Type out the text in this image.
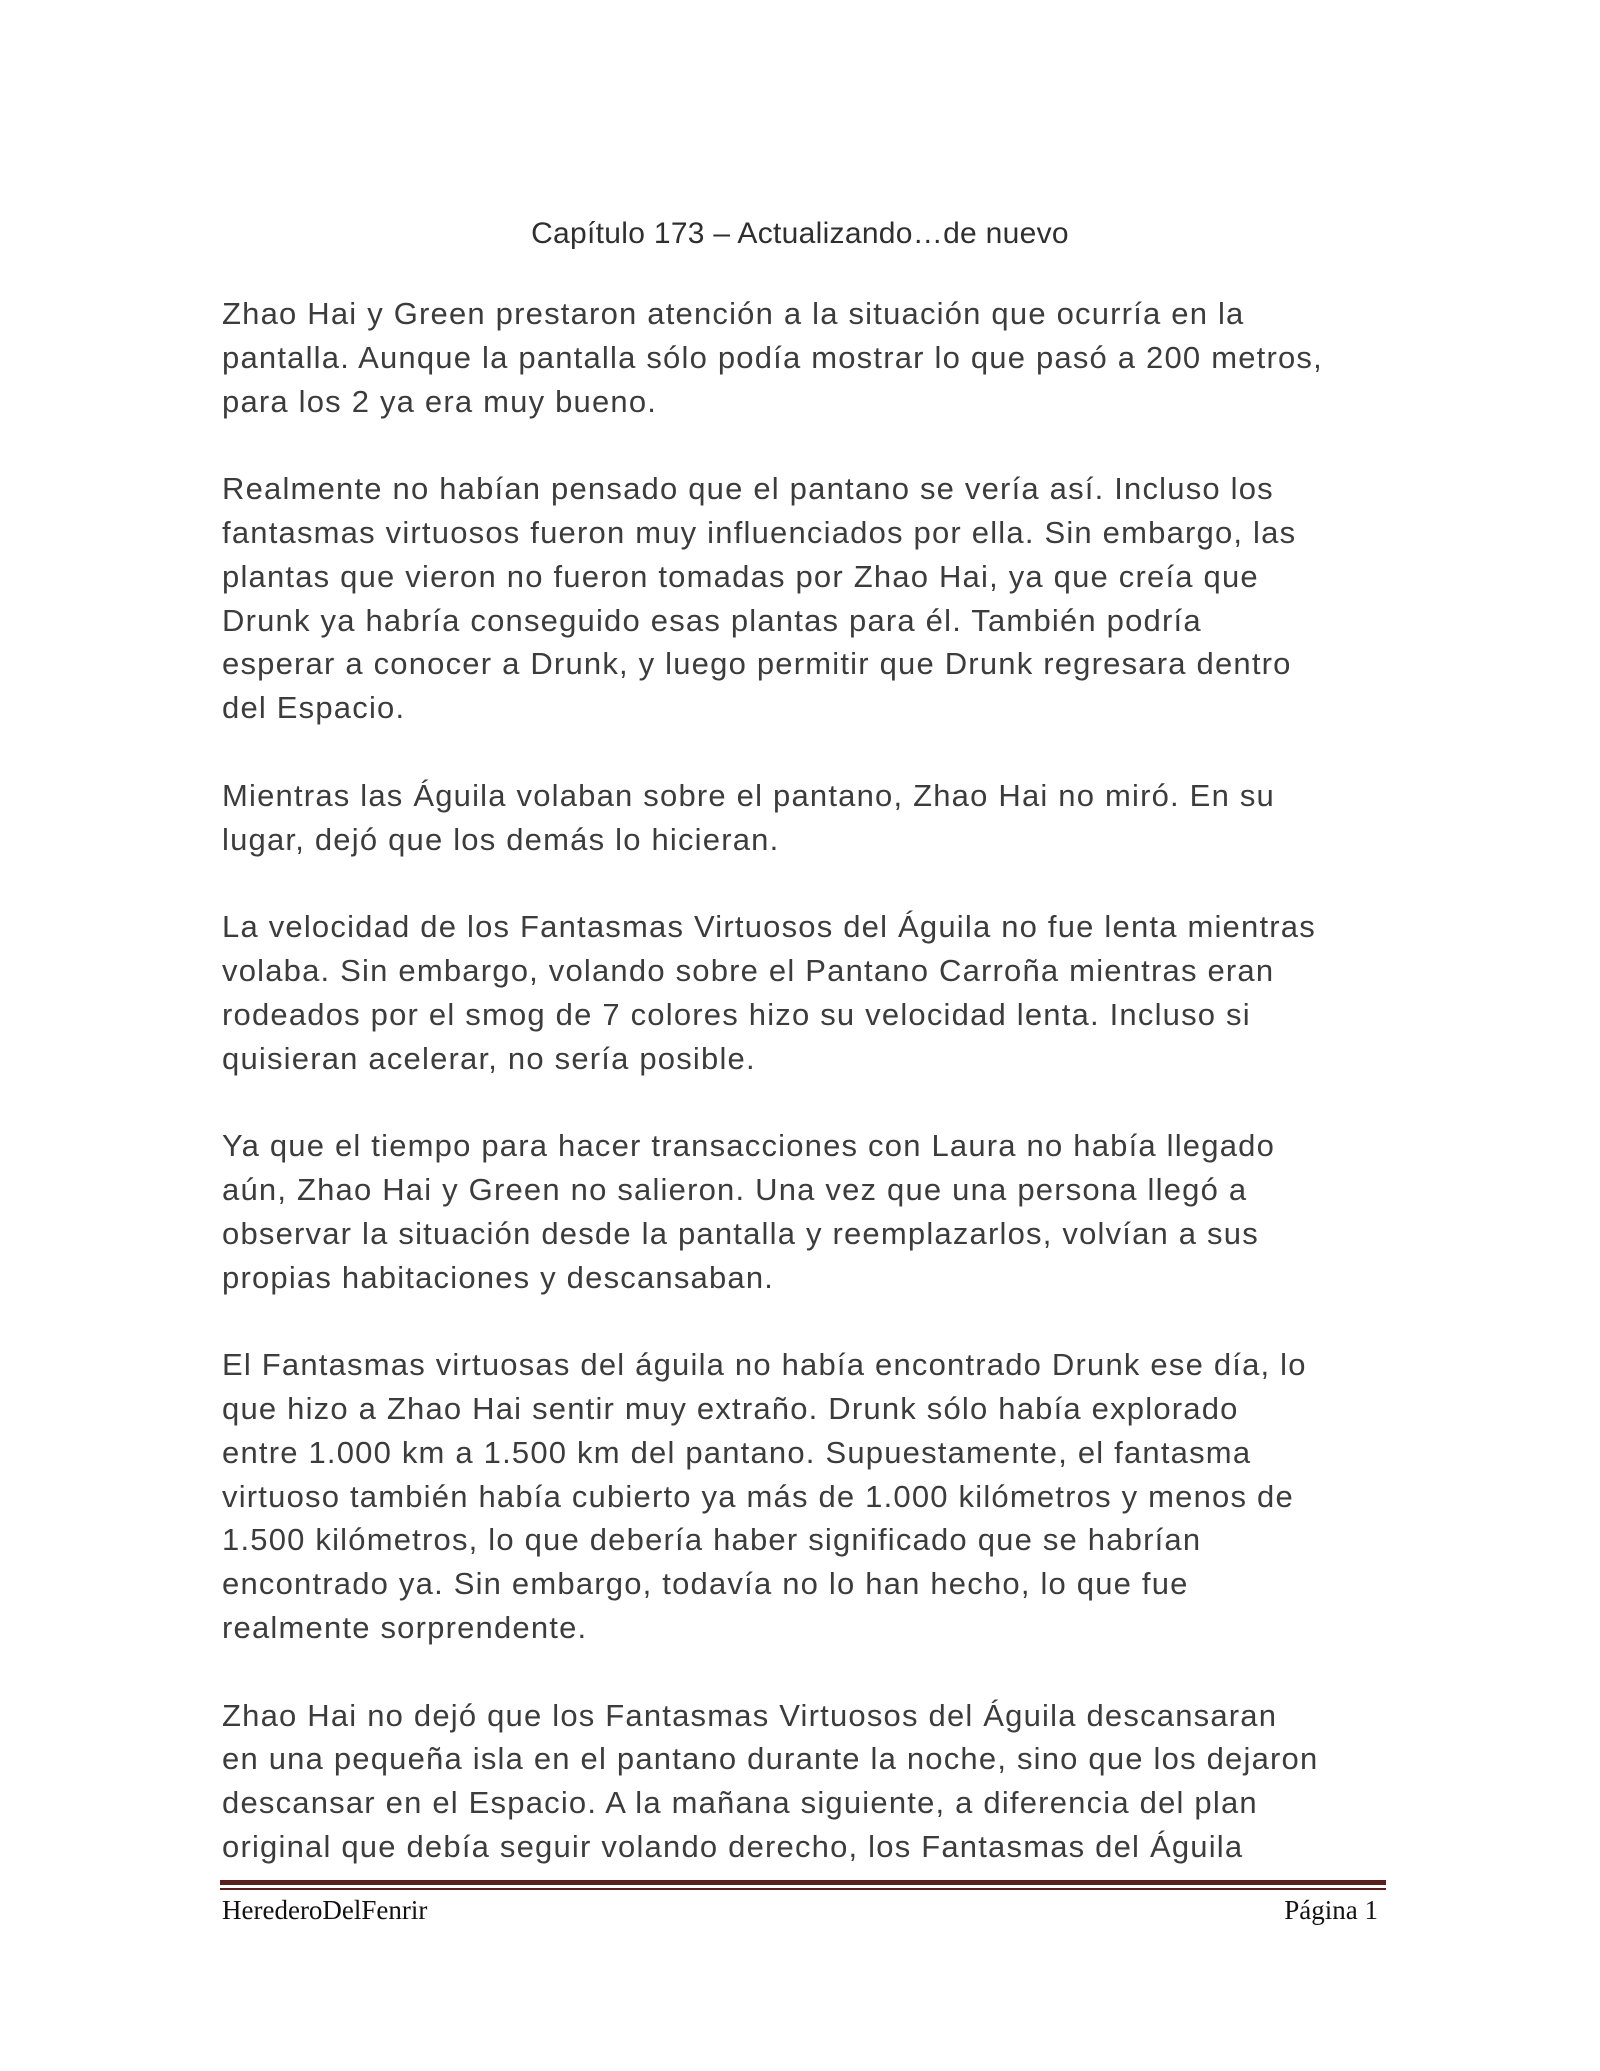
Capítulo 173 – Actualizando…de nuevo

Zhao Hai y Green prestaron atención a la situación que ocurría en la
pantalla. Aunque la pantalla sólo podía mostrar lo que pasó a 200 metros,
para los 2 ya era muy bueno.

Realmente no habían pensado que el pantano se vería así. Incluso los
fantasmas virtuosos fueron muy influenciados por ella. Sin embargo, las
plantas que vieron no fueron tomadas por Zhao Hai, ya que creía que
Drunk ya habría conseguido esas plantas para él. También podría
esperar a conocer a Drunk, y luego permitir que Drunk regresara dentro
del Espacio.

Mientras las Águila volaban sobre el pantano, Zhao Hai no miró. En su
lugar, dejó que los demás lo hicieran.

La velocidad de los Fantasmas Virtuosos del Águila no fue lenta mientras
volaba. Sin embargo, volando sobre el Pantano Carroña mientras eran
rodeados por el smog de 7 colores hizo su velocidad lenta. Incluso si
quisieran acelerar, no sería posible.

Ya que el tiempo para hacer transacciones con Laura no había llegado
aún, Zhao Hai y Green no salieron. Una vez que una persona llegó a
observar la situación desde la pantalla y reemplazarlos, volvían a sus
propias habitaciones y descansaban.

El Fantasmas virtuosas del águila no había encontrado Drunk ese día, lo
que hizo a Zhao Hai sentir muy extraño. Drunk sólo había explorado
entre 1.000 km a 1.500 km del pantano. Supuestamente, el fantasma
virtuoso también había cubierto ya más de 1.000 kilómetros y menos de
1.500 kilómetros, lo que debería haber significado que se habrían
encontrado ya. Sin embargo, todavía no lo han hecho, lo que fue
realmente sorprendente.

Zhao Hai no dejó que los Fantasmas Virtuosos del Águila descansaran
en una pequeña isla en el pantano durante la noche, sino que los dejaron
descansar en el Espacio. A la mañana siguiente, a diferencia del plan
original que debía seguir volando derecho, los Fantasmas del Águila

HerederoDelFenrir	Página 1
